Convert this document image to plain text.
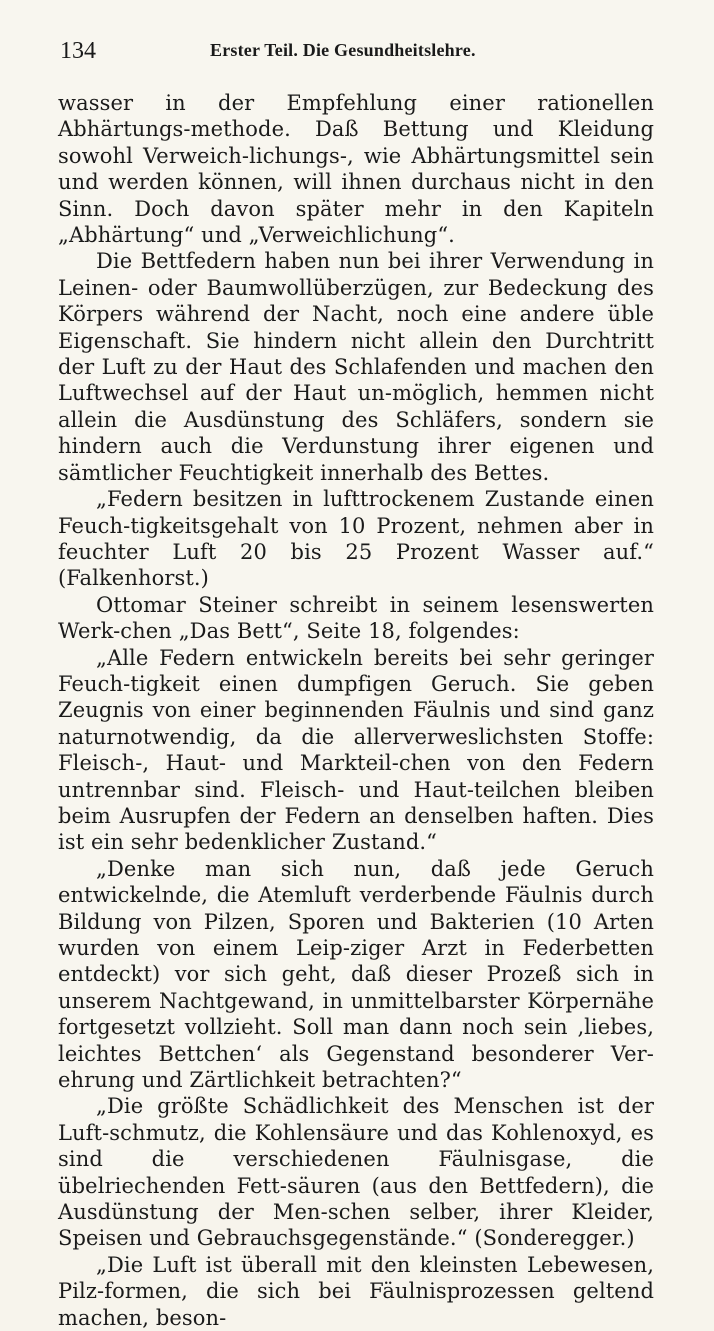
134	Erster Teil. Die Gesundheitslehre.

wasser in der Empfehlung einer rationellen Abhärtungs-methode. Daß Bettung und Kleidung sowohl Verweich-lichungs-, wie Abhärtungsmittel sein und werden können, will ihnen durchaus nicht in den Sinn. Doch davon später mehr in den Kapiteln „Abhärtung“ und „Verweichlichung“.

Die Bettfedern haben nun bei ihrer Verwendung in Leinen- oder Baumwollüberzügen, zur Bedeckung des Körpers während der Nacht, noch eine andere üble Eigenschaft. Sie hindern nicht allein den Durchtritt der Luft zu der Haut des Schlafenden und machen den Luftwechsel auf der Haut un-möglich, hemmen nicht allein die Ausdünstung des Schläfers, sondern sie hindern auch die Verdunstung ihrer eigenen und sämtlicher Feuchtigkeit innerhalb des Bettes.

„Federn besitzen in lufttrockenem Zustande einen Feuch-tigkeitsgehalt von 10 Prozent, nehmen aber in feuchter Luft 20 bis 25 Prozent Wasser auf.“ (Falkenhorst.)

Ottomar Steiner schreibt in seinem lesenswerten Werk-chen „Das Bett“, Seite 18, folgendes:

„Alle Federn entwickeln bereits bei sehr geringer Feuch-tigkeit einen dumpfigen Geruch. Sie geben Zeugnis von einer beginnenden Fäulnis und sind ganz naturnotwendig, da die allerverweslichsten Stoffe: Fleisch-, Haut- und Markteil-chen von den Federn untrennbar sind. Fleisch- und Haut-teilchen bleiben beim Ausrupfen der Federn an denselben haften. Dies ist ein sehr bedenklicher Zustand.“

„Denke man sich nun, daß jede Geruch entwickelnde, die Atemluft verderbende Fäulnis durch Bildung von Pilzen, Sporen und Bakterien (10 Arten wurden von einem Leip-ziger Arzt in Federbetten entdeckt) vor sich geht, daß dieser Prozeß sich in unserem Nachtgewand, in unmittelbarster Körpernähe fortgesetzt vollzieht. Soll man dann noch sein ‚liebes, leichtes Bettchen‘ als Gegenstand besonderer Ver-ehrung und Zärtlichkeit betrachten?“

„Die größte Schädlichkeit des Menschen ist der Luft-schmutz, die Kohlensäure und das Kohlenoxyd, es sind die verschiedenen Fäulnisgase, die übelriechenden Fett-säuren (aus den Bettfedern), die Ausdünstung der Men-schen selber, ihrer Kleider, Speisen und Gebrauchsgegenstände.“ (Sonderegger.)

„Die Luft ist überall mit den kleinsten Lebewesen, Pilz-formen, die sich bei Fäulnisprozessen geltend machen, beson-
